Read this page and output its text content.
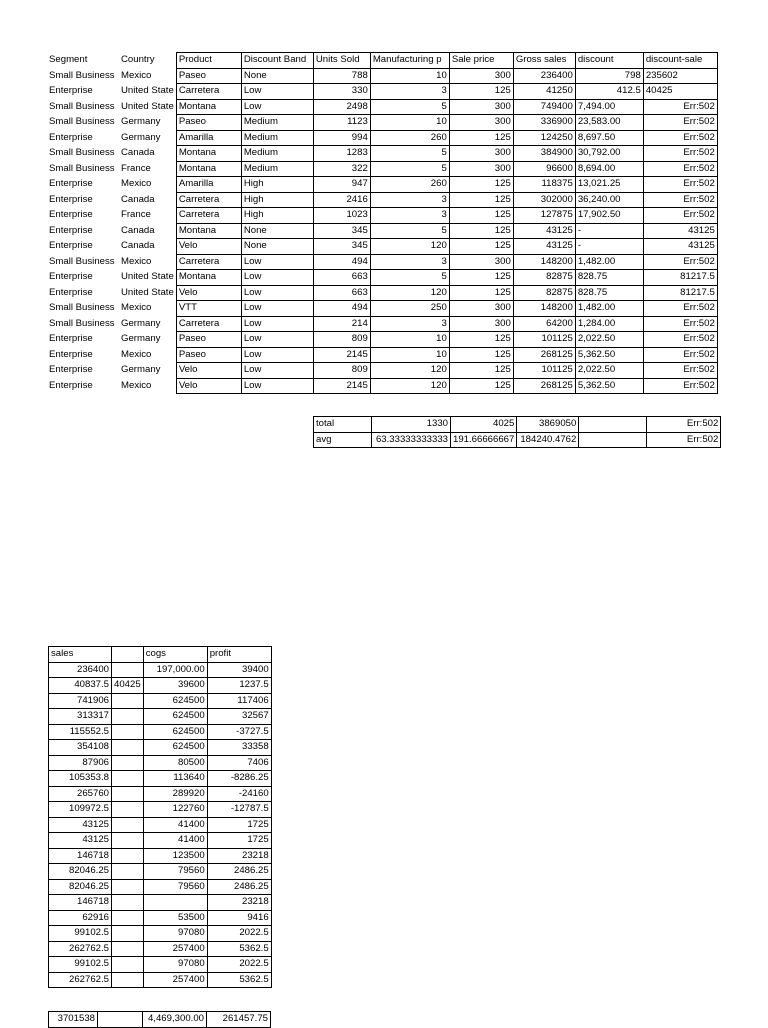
Segment	Country	Product	Discount Band	Units Sold	Manufacturing p	Sale price	Gross sales	discount	discount-sale
Small Business	Mexico	Paseo	None	788	10	300	236400	798	235602
Enterprise	United State	Carretera	Low	330	3	125	41250	412.5	40425
Small Business	United State	Montana	Low	2498	5	300	749400	7,494.00	Err:502
Small Business	Germany	Paseo	Medium	1123	10	300	336900	23,583.00	Err:502
Enterprise	Germany	Amarilla	Medium	994	260	125	124250	8,697.50	Err:502
Small Business	Canada	Montana	Medium	1283	5	300	384900	30,792.00	Err:502
Small Business	France	Montana	Medium	322	5	300	96600	8,694.00	Err:502
Enterprise	Mexico	Amarilla	High	947	260	125	118375	13,021.25	Err:502
Enterprise	Canada	Carretera	High	2416	3	125	302000	36,240.00	Err:502
Enterprise	France	Carretera	High	1023	3	125	127875	17,902.50	Err:502
Enterprise	Canada	Montana	None	345	5	125	43125	-	43125
Enterprise	Canada	Velo	None	345	120	125	43125	-	43125
Small Business	Mexico	Carretera	Low	494	3	300	148200	1,482.00	Err:502
Enterprise	United State	Montana	Low	663	5	125	82875	828.75	81217.5
Enterprise	United State	Velo	Low	663	120	125	82875	828.75	81217.5
Small Business	Mexico	VTT	Low	494	250	300	148200	1,482.00	Err:502
Small Business	Germany	Carretera	Low	214	3	300	64200	1,284.00	Err:502
Enterprise	Germany	Paseo	Low	809	10	125	101125	2,022.50	Err:502
Enterprise	Mexico	Paseo	Low	2145	10	125	268125	5,362.50	Err:502
Enterprise	Germany	Velo	Low	809	120	125	101125	2,022.50	Err:502
Enterprise	Mexico	Velo	Low	2145	120	125	268125	5,362.50	Err:502
total	1330	4025	3869050		Err:502
avg	63.33333333333	191.66666667	184240.4762		Err:502
sales		cogs	profit
236400		197,000.00	39400
40837.5	40425	39600	1237.5
741906		624500	117406
313317		624500	32567
115552.5		624500	-3727.5
354108		624500	33358
87906		80500	7406
105353.8		113640	-8286.25
265760		289920	-24160
109972.5		122760	-12787.5
43125		41400	1725
43125		41400	1725
146718		123500	23218
82046.25		79560	2486.25
82046.25		79560	2486.25
146718			23218
62916		53500	9416
99102.5		97080	2022.5
262762.5		257400	5362.5
99102.5		97080	2022.5
262762.5		257400	5362.5
3701538		4,469,300.00	261457.75
